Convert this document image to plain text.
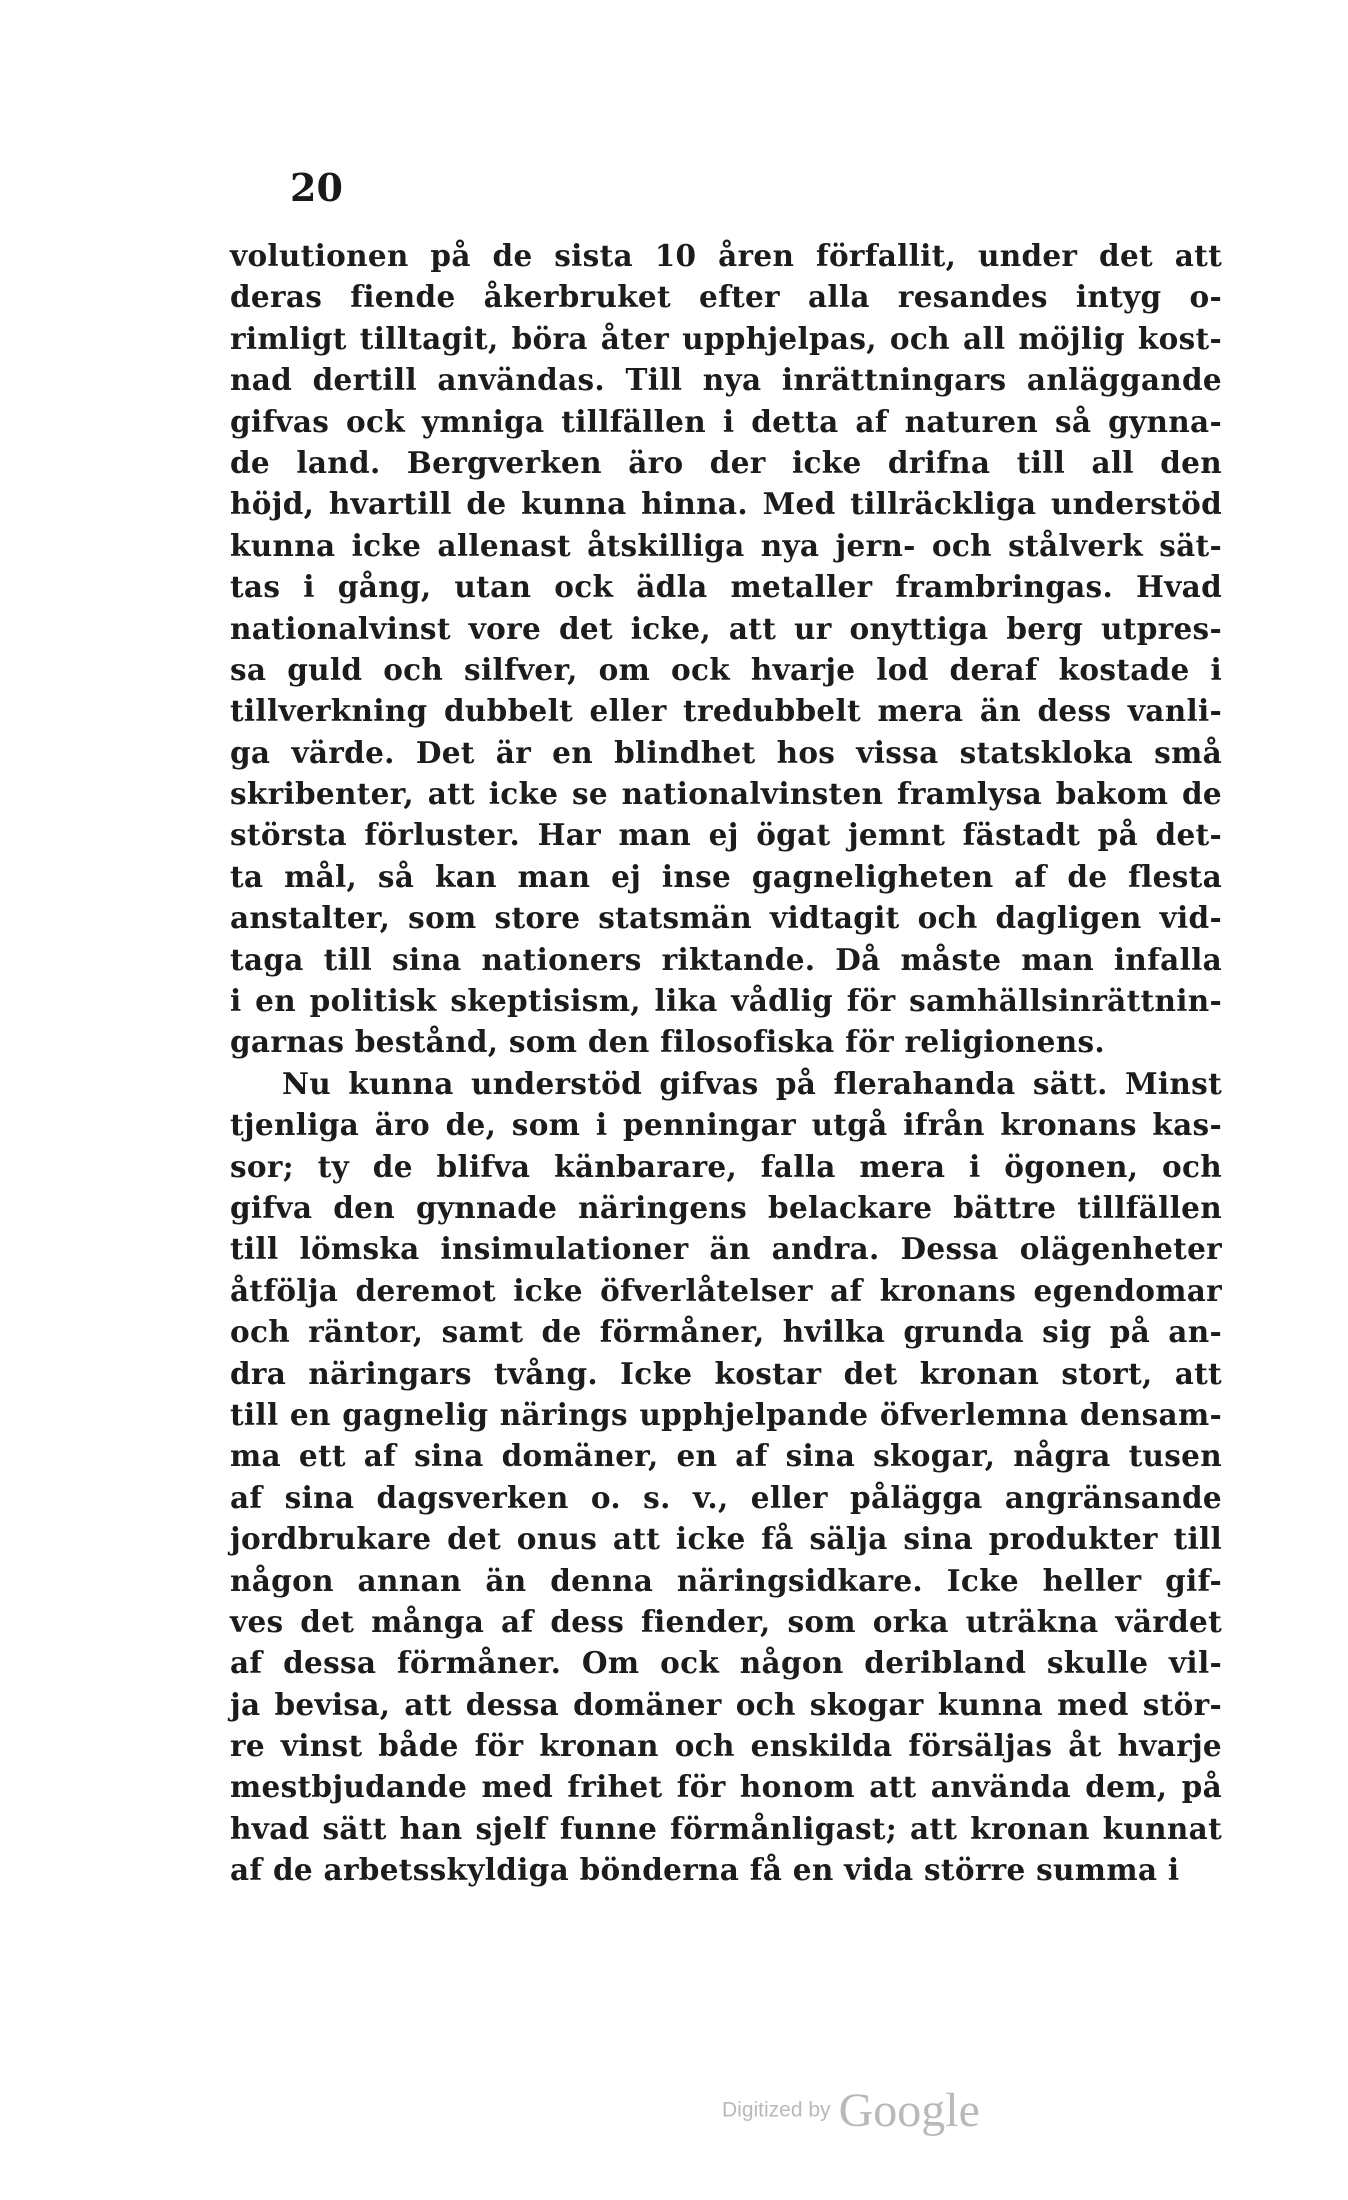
20
volutionen på de sista 10 åren förfallit, under det att
deras fiende åkerbruket efter alla resandes intyg o-
rimligt tilltagit, böra åter upphjelpas, och all möjlig kost-
nad dertill användas. Till nya inrättningars anläggande
gifvas ock ymniga tillfällen i detta af naturen så gynna-
de land. Bergverken äro der icke drifna till all den
höjd, hvartill de kunna hinna. Med tillräckliga understöd
kunna icke allenast åtskilliga nya jern- och stålverk sät-
tas i gång, utan ock ädla metaller frambringas. Hvad
nationalvinst vore det icke, att ur onyttiga berg utpres-
sa guld och silfver, om ock hvarje lod deraf kostade i
tillverkning dubbelt eller tredubbelt mera än dess vanli-
ga värde. Det är en blindhet hos vissa statskloka små
skribenter, att icke se nationalvinsten framlysa bakom de
största förluster. Har man ej ögat jemnt fästadt på det-
ta mål, så kan man ej inse gagneligheten af de flesta
anstalter, som store statsmän vidtagit och dagligen vid-
taga till sina nationers riktande. Då måste man infalla
i en politisk skeptisism, lika vådlig för samhällsinrättnin-
garnas bestånd, som den filosofiska för religionens.
Nu kunna understöd gifvas på flerahanda sätt. Minst
tjenliga äro de, som i penningar utgå ifrån kronans kas-
sor; ty de blifva känbarare, falla mera i ögonen, och
gifva den gynnade näringens belackare bättre tillfällen
till lömska insimulationer än andra. Dessa olägenheter
åtfölja deremot icke öfverlåtelser af kronans egendomar
och räntor, samt de förmåner, hvilka grunda sig på an-
dra näringars tvång. Icke kostar det kronan stort, att
till en gagnelig närings upphjelpande öfverlemna densam-
ma ett af sina domäner, en af sina skogar, några tusen
af sina dagsverken o. s. v., eller pålägga angränsande
jordbrukare det onus att icke få sälja sina produkter till
någon annan än denna näringsidkare. Icke heller gif-
ves det många af dess fiender, som orka uträkna värdet
af dessa förmåner. Om ock någon deribland skulle vil-
ja bevisa, att dessa domäner och skogar kunna med stör-
re vinst både för kronan och enskilda försäljas åt hvarje
mestbjudande med frihet för honom att använda dem, på
hvad sätt han sjelf funne förmånligast; att kronan kunnat
af de arbetsskyldiga bönderna få en vida större summa i
Digitized by Google
